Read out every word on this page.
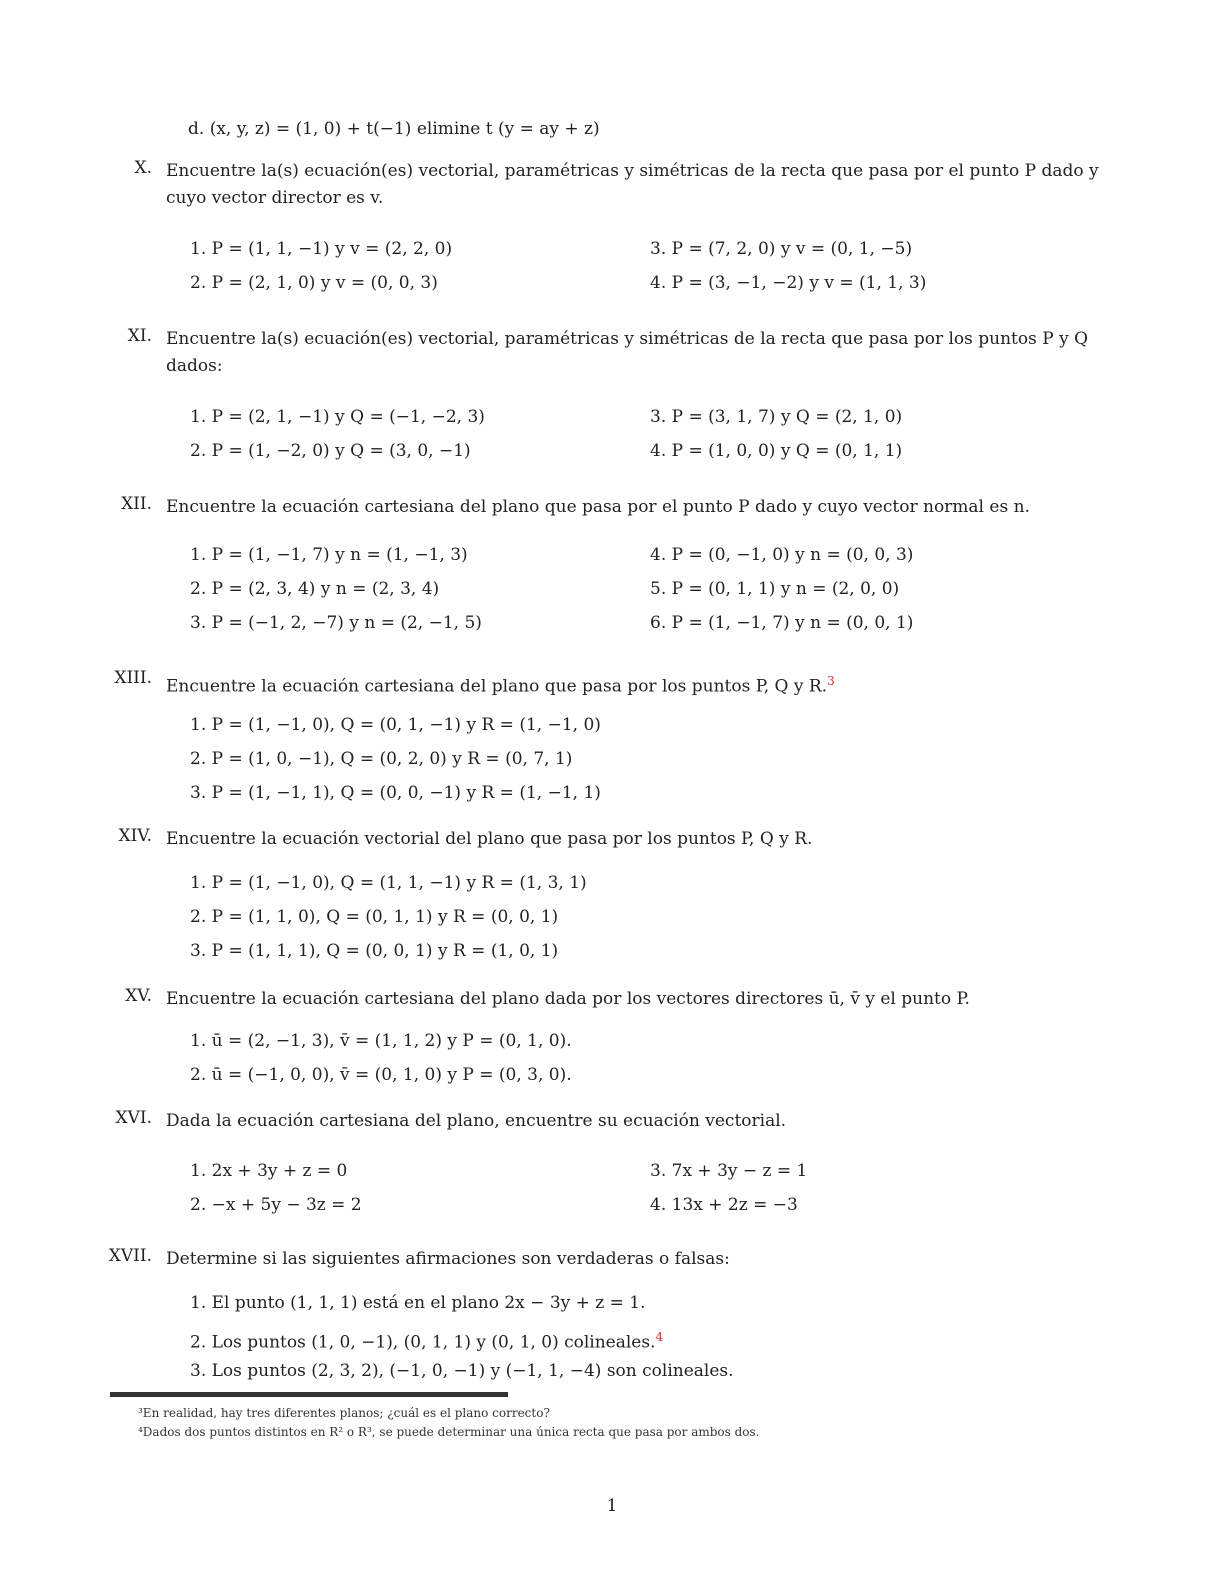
d. (x, y, z) = (1, 0) + t(−1) elimine t (y = ay + z)
X. Encuentre la(s) ecuación(es) vectorial, paramétricas y simétricas de la recta que pasa por el punto P dado y cuyo vector director es v.
1. P = (1, 1, −1) y v = (2, 2, 0)	3. P = (7, 2, 0) y v = (0, 1, −5)
2. P = (2, 1, 0) y v = (0, 0, 3)	4. P = (3, −1, −2) y v = (1, 1, 3)
XI. Encuentre la(s) ecuación(es) vectorial, paramétricas y simétricas de la recta que pasa por los puntos P y Q dados:
1. P = (2, 1, −1) y Q = (−1, −2, 3)	3. P = (3, 1, 7) y Q = (2, 1, 0)
2. P = (1, −2, 0) y Q = (3, 0, −1)	4. P = (1, 0, 0) y Q = (0, 1, 1)
XII. Encuentre la ecuación cartesiana del plano que pasa por el punto P dado y cuyo vector normal es n.
1. P = (1, −1, 7) y n = (1, −1, 3)	4. P = (0, −1, 0) y n = (0, 0, 3)
2. P = (2, 3, 4) y n = (2, 3, 4)	5. P = (0, 1, 1) y n = (2, 0, 0)
3. P = (−1, 2, −7) y n = (2, −1, 5)	6. P = (1, −1, 7) y n = (0, 0, 1)
XIII. Encuentre la ecuación cartesiana del plano que pasa por los puntos P, Q y R.$^3$
1. P = (1, −1, 0), Q = (0, 1, −1) y R = (1, −1, 0)
2. P = (1, 0, −1), Q = (0, 2, 0) y R = (0, 7, 1)
3. P = (1, −1, 1), Q = (0, 0, −1) y R = (1, −1, 1)
XIV. Encuentre la ecuación vectorial del plano que pasa por los puntos P, Q y R.
1. P = (1, −1, 0), Q = (1, 1, −1) y R = (1, 3, 1)
2. P = (1, 1, 0), Q = (0, 1, 1) y R = (0, 0, 1)
3. P = (1, 1, 1), Q = (0, 0, 1) y R = (1, 0, 1)
XV. Encuentre la ecuación cartesiana del plano dada por los vectores directores ū, v̄ y el punto P.
1. ū = (2, −1, 3), v̄ = (1, 1, 2) y P = (0, 1, 0).
2. ū = (−1, 0, 0), v̄ = (0, 1, 0) y P = (0, 3, 0).
XVI. Dada la ecuación cartesiana del plano, encuentre su ecuación vectorial.
1. 2x + 3y + z = 0	3. 7x + 3y − z = 1
2. −x + 5y − 3z = 2	4. 13x + 2z = −3
XVII. Determine si las siguientes afirmaciones son verdaderas o falsas:
1. El punto (1, 1, 1) está en el plano 2x − 3y + z = 1.
2. Los puntos (1, 0, −1), (0, 1, 1) y (0, 1, 0) colineales.$^4$
3. Los puntos (2, 3, 2), (−1, 0, −1) y (−1, 1, −4) son colineales.
³En realidad, hay tres diferentes planos; ¿cuál es el plano correcto?
⁴Dados dos puntos distintos en R² o R³, se puede determinar una única recta que pasa por ambos dos.
1
